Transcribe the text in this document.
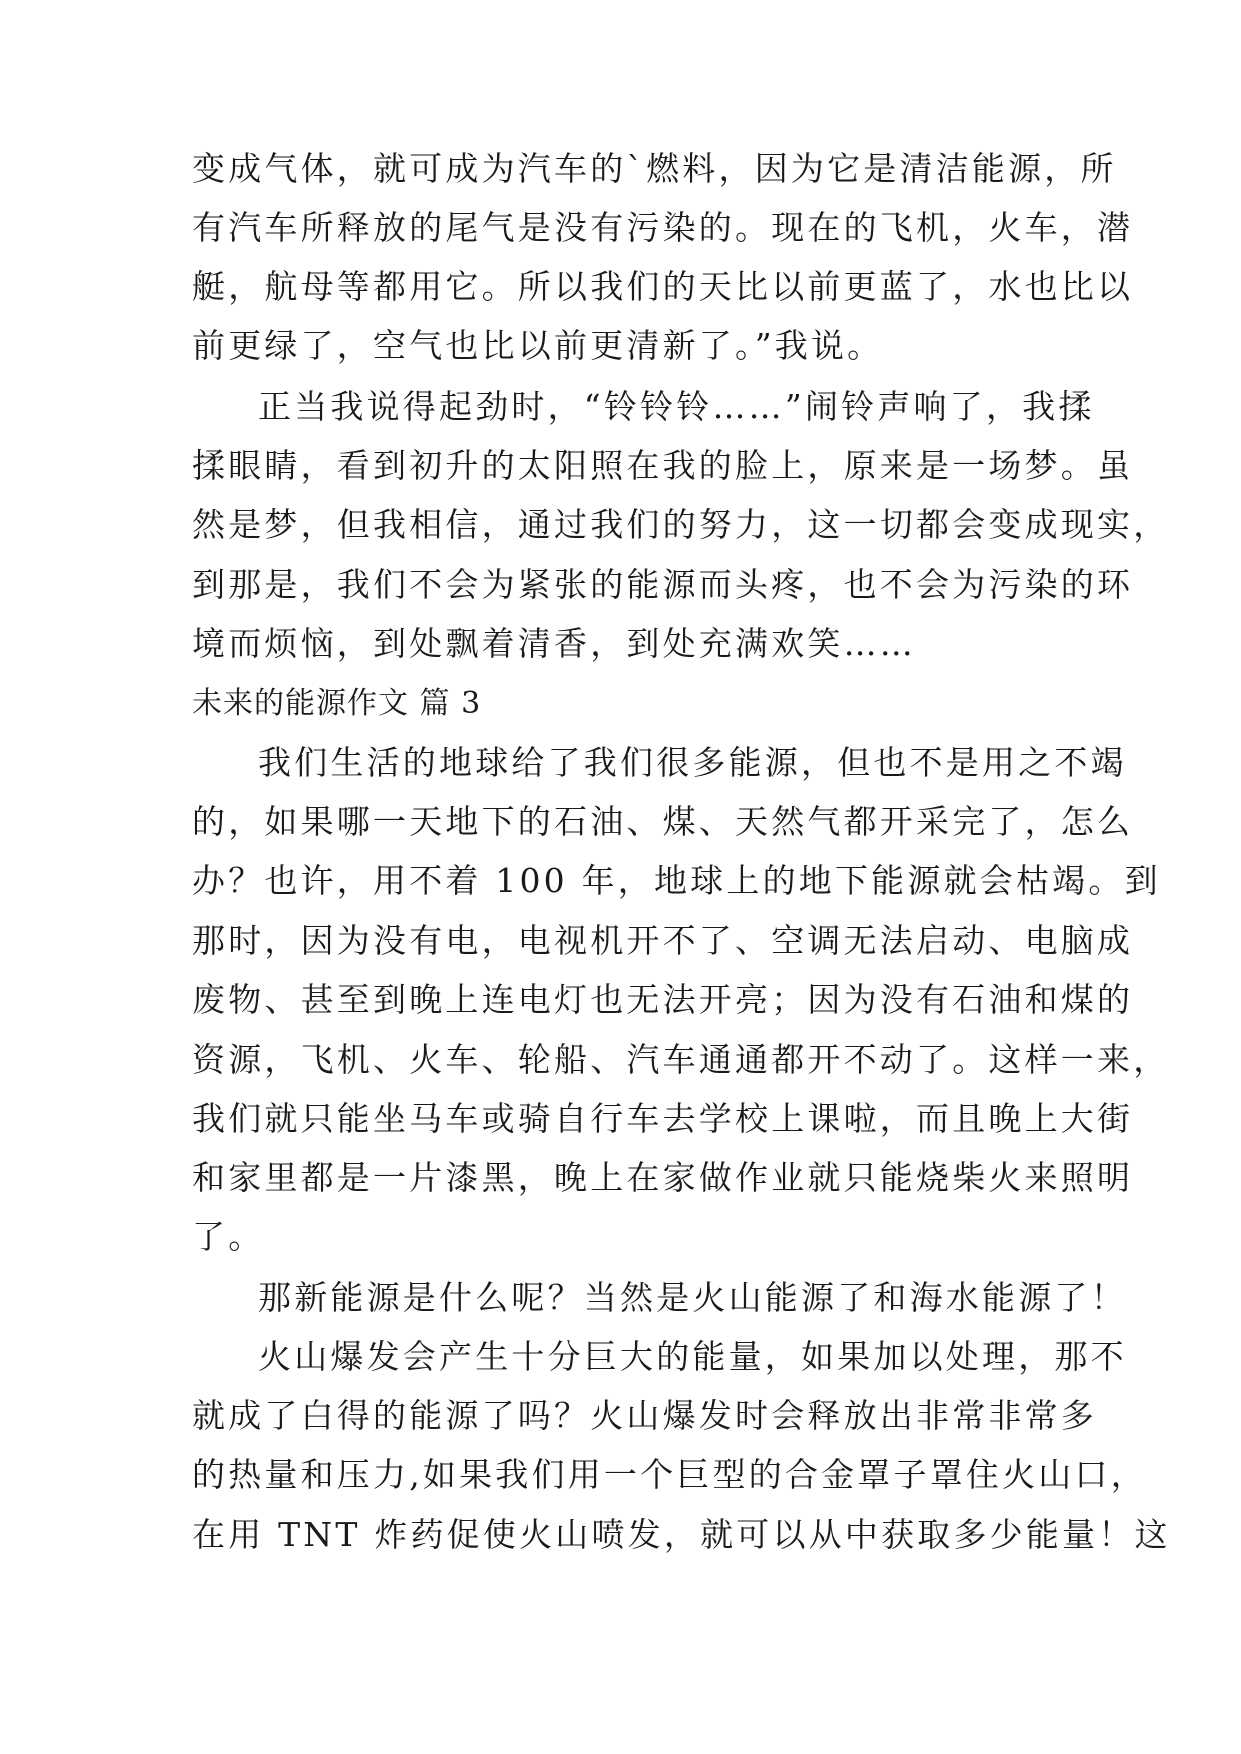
变成气体，就可成为汽车的`燃料，因为它是清洁能源，所
有汽车所释放的尾气是没有污染的。现在的飞机，火车，潜
艇，航母等都用它。所以我们的天比以前更蓝了，水也比以
前更绿了，空气也比以前更清新了。”我说。
正当我说得起劲时，“铃铃铃……”闹铃声响了，我揉
揉眼睛，看到初升的太阳照在我的脸上，原来是一场梦。虽
然是梦，但我相信，通过我们的努力，这一切都会变成现实，
到那是，我们不会为紧张的能源而头疼，也不会为污染的环
境而烦恼，到处飘着清香，到处充满欢笑……
未来的能源作文 篇 3
我们生活的地球给了我们很多能源，但也不是用之不竭
的，如果哪一天地下的石油、煤、天然气都开采完了，怎么
办？也许，用不着 100 年，地球上的地下能源就会枯竭。到
那时，因为没有电，电视机开不了、空调无法启动、电脑成
废物、甚至到晚上连电灯也无法开亮；因为没有石油和煤的
资源，飞机、火车、轮船、汽车通通都开不动了。这样一来，
我们就只能坐马车或骑自行车去学校上课啦，而且晚上大街
和家里都是一片漆黑，晚上在家做作业就只能烧柴火来照明
了。
那新能源是什么呢？当然是火山能源了和海水能源了！
火山爆发会产生十分巨大的能量，如果加以处理，那不
就成了白得的能源了吗？火山爆发时会释放出非常非常多
的热量和压力,如果我们用一个巨型的合金罩子罩住火山口，
在用 TNT 炸药促使火山喷发，就可以从中获取多少能量！这
